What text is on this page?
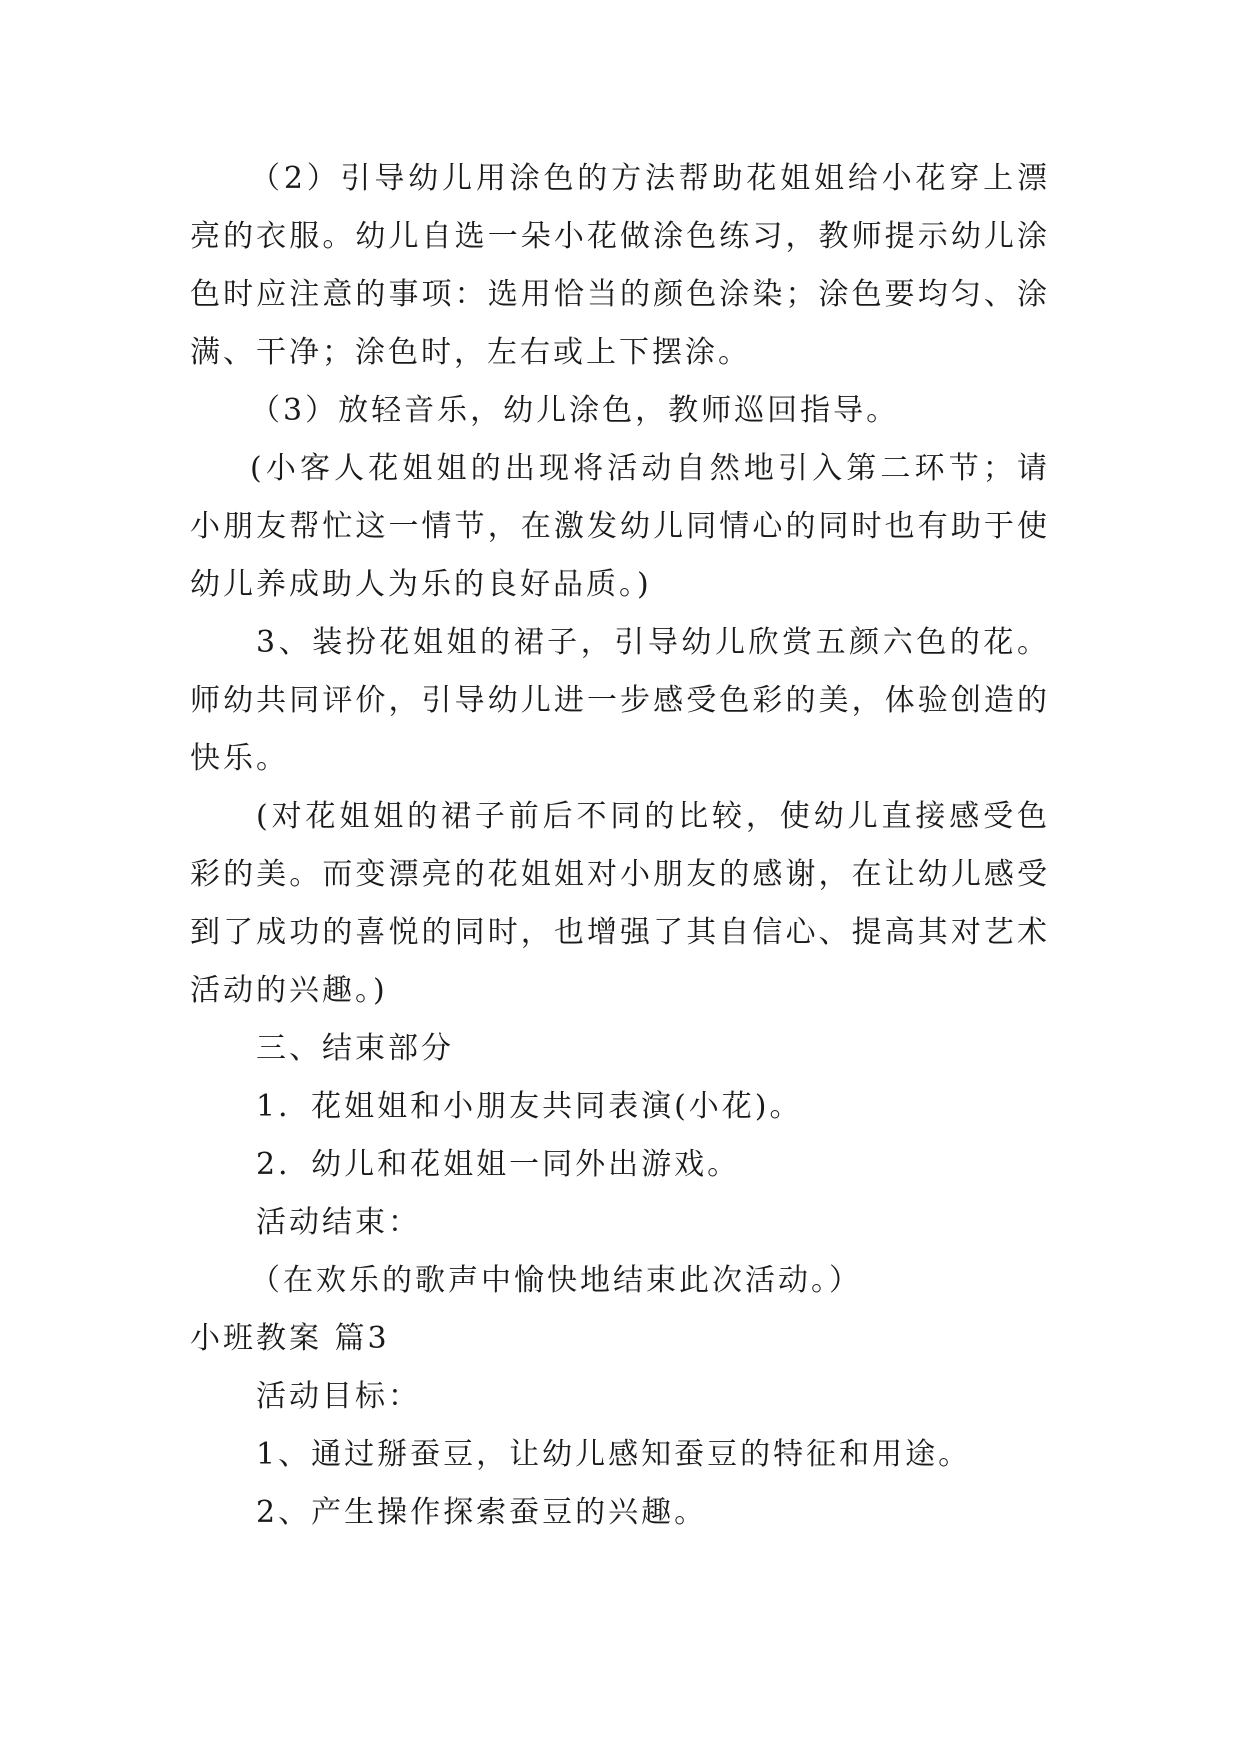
（2）引导幼儿用涂色的方法帮助花姐姐给小花穿上漂亮的衣服。幼儿自选一朵小花做涂色练习，教师提示幼儿涂色时应注意的事项：选用恰当的颜色涂染；涂色要均匀、涂满、干净；涂色时，左右或上下摆涂。

（3）放轻音乐，幼儿涂色，教师巡回指导。

(小客人花姐姐的出现将活动自然地引入第二环节；请小朋友帮忙这一情节，在激发幼儿同情心的同时也有助于使幼儿养成助人为乐的良好品质。)

3、装扮花姐姐的裙子，引导幼儿欣赏五颜六色的花。师幼共同评价，引导幼儿进一步感受色彩的美，体验创造的快乐。

(对花姐姐的裙子前后不同的比较，使幼儿直接感受色彩的美。而变漂亮的花姐姐对小朋友的感谢，在让幼儿感受到了成功的喜悦的同时，也增强了其自信心、提高其对艺术活动的兴趣。)

三、结束部分

1．花姐姐和小朋友共同表演(小花)。

2．幼儿和花姐姐一同外出游戏。

活动结束：

（在欢乐的歌声中愉快地结束此次活动。）

小班教案 篇3

活动目标：

1、通过掰蚕豆，让幼儿感知蚕豆的特征和用途。

2、产生操作探索蚕豆的兴趣。
